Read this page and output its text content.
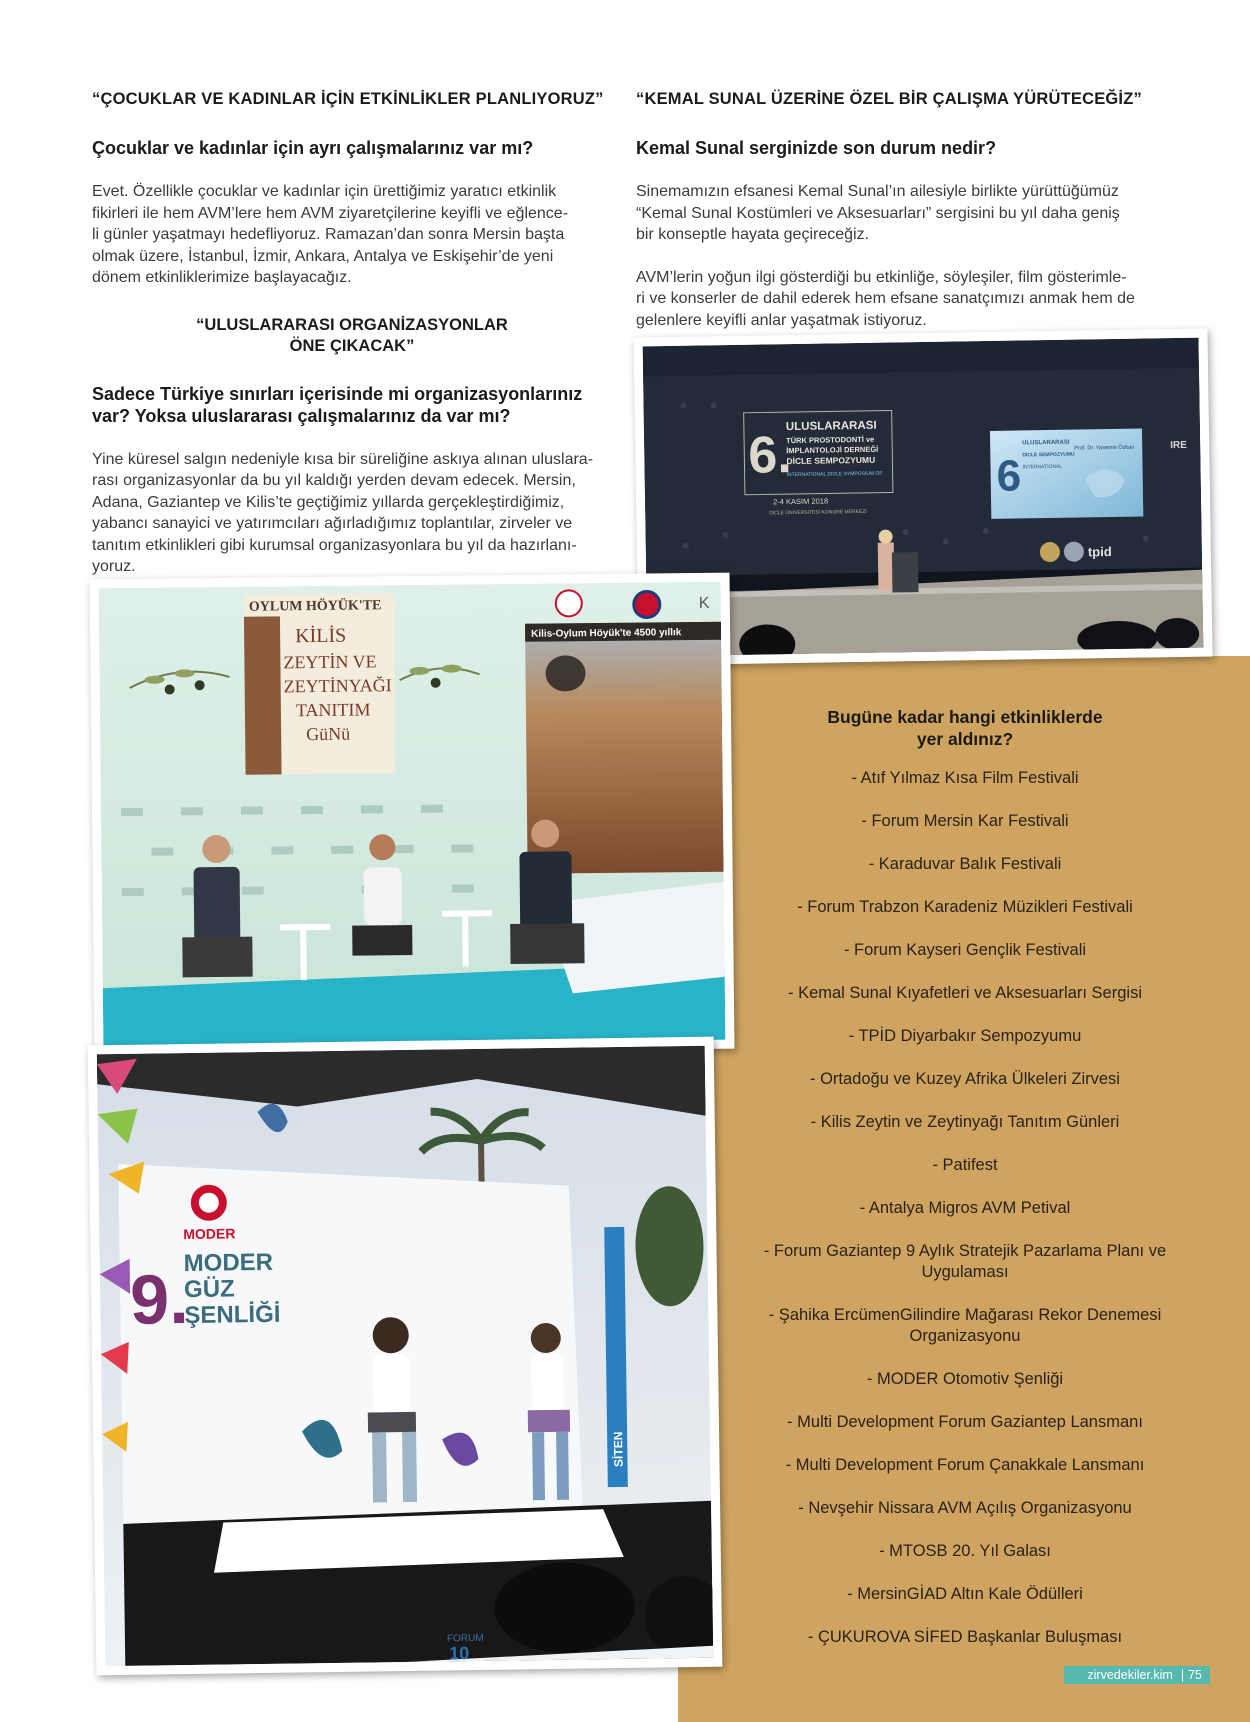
“ÇOCUKLAR VE KADINLAR İÇİN ETKİNLİKLER PLANLIYORUZ”

Çocuklar ve kadınlar için ayrı çalışmalarınız var mı?

Evet. Özellikle çocuklar ve kadınlar için ürettiğimiz yaratıcı etkinlik
fikirleri ile hem AVM’lere hem AVM ziyaretçilerine keyifli ve eğlence-
li günler yaşatmayı hedefliyoruz. Ramazan’dan sonra Mersin başta
olmak üzere, İstanbul, İzmir, Ankara, Antalya ve Eskişehir’de yeni
dönem etkinliklerimize başlayacağız.

“ULUSLARARASI ORGANİZASYONLAR
ÖNE ÇIKACAK”

Sadece Türkiye sınırları içerisinde mi organizasyonlarınız var? Yoksa uluslararası çalışmalarınız da var mı?

Yine küresel salgın nedeniyle kısa bir süreliğine askıya alınan uluslara-
rası organizasyonlar da bu yıl kaldığı yerden devam edecek. Mersin,
Adana, Gaziantep ve Kilis’te geçtiğimiz yıllarda gerçekleştirdiğimiz,
yabancı sanayici ve yatırımcıları ağırladığımız toplantılar, zirveler ve
tanıtım etkinlikleri gibi kurumsal organizasyonlara bu yıl da hazırlanı-
yoruz.

“KEMAL SUNAL ÜZERİNE ÖZEL BİR ÇALIŞMA YÜRÜTECEĞİZ”

Kemal Sunal serginizde son durum nedir?

Sinemamızın efsanesi Kemal Sunal’ın ailesiyle birlikte yürüttüğümüz
“Kemal Sunal Kostümleri ve Aksesuarları” sergisini bu yıl daha geniş
bir konseptle hayata geçireceğiz.

AVM’lerin yoğun ilgi gösterdiği bu etkinliğe, söyleşiler, film gösterimle-
ri ve konserler de dahil ederek hem efsane sanatçımızı anmak hem de
gelenlere keyifli anlar yaşatmak istiyoruz.

6.
ULUSLARARASI
TÜRK PROSTODONTİ ve
İMPLANTOLOJİ DERNEĞİ
DİCLE SEMPOZYUMU
INTERNATIONAL DICLE SYMPOSIUM OF
2-4 KASIM 2018
DİCLE ÜNİVERSİTESİ KONGRE MERKEZİ
6
ULUSLARARASI
DİCLE SEMPOZYUMU
INTERNATIONAL
Prof. Dr. Yasemin Özkan	IRE
tpid
OYLUM HÖYÜK'TE
KİLİS
ZEYTİN VE
ZEYTİNYAĞI
TANITIM
GüNü
K
Kilis-Oylum Höyük'te 4500 yıllık
MODER
9.
MODER
GÜZ
ŞENLİĞİ
SİTEN
FORUM
10
Bugüne kadar hangi etkinliklerde
yer aldınız?
- Atıf Yılmaz Kısa Film Festivali
- Forum Mersin Kar Festivali
- Karaduvar Balık Festivali
- Forum Trabzon Karadeniz Müzikleri Festivali
- Forum Kayseri Gençlik Festivali
- Kemal Sunal Kıyafetleri ve Aksesuarları Sergisi
- TPİD Diyarbakır Sempozyumu
- Ortadoğu ve Kuzey Afrika Ülkeleri Zirvesi
- Kilis Zeytin ve Zeytinyağı Tanıtım Günleri
- Patifest
- Antalya Migros AVM Petival
- Forum Gaziantep 9 Aylık Stratejik Pazarlama Planı ve Uygulaması
- Şahika ErcümenGilindire Mağarası Rekor Denemesi Organizasyonu
- MODER Otomotiv Şenliği
- Multi Development Forum Gaziantep Lansmanı
- Multi Development Forum Çanakkale Lansmanı
- Nevşehir Nissara AVM Açılış Organizasyonu
- MTOSB 20. Yıl Galası
- MersinGİAD Altın Kale Ödülleri
- ÇUKUROVA SİFED Başkanlar Buluşması
zirvedekiler.kim | 75
